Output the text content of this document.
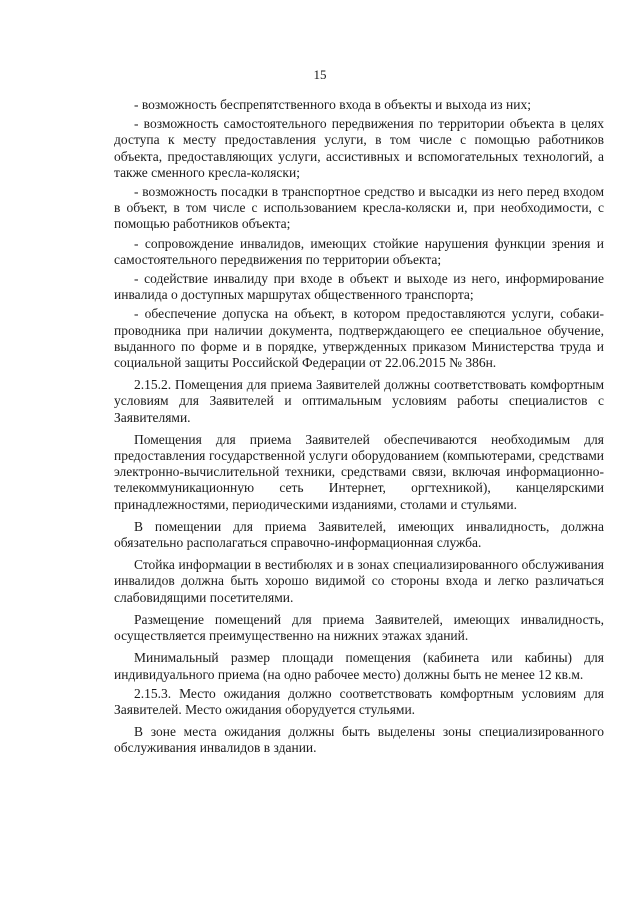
15

- возможность беспрепятственного входа в объекты и выхода из них;

- возможность самостоятельного передвижения по территории объекта в целях доступа к месту предоставления услуги, в том числе с помощью работников объекта, предоставляющих услуги, ассистивных и вспомогательных технологий, а также сменного кресла-коляски;

- возможность посадки в транспортное средство и высадки из него перед входом в объект, в том числе с использованием кресла-коляски и, при необходимости, с помощью работников объекта;

- сопровождение инвалидов, имеющих стойкие нарушения функции зрения и самостоятельного передвижения по территории объекта;

- содействие инвалиду при входе в объект и выходе из него, информирование инвалида о доступных маршрутах общественного транспорта;

- обеспечение допуска на объект, в котором предоставляются услуги, собаки-проводника при наличии документа, подтверждающего ее специальное обучение, выданного по форме и в порядке, утвержденных приказом Министерства труда и социальной защиты Российской Федерации от 22.06.2015 № 386н.

2.15.2. Помещения для приема Заявителей должны соответствовать комфортным условиям для Заявителей и оптимальным условиям работы специалистов с Заявителями.

Помещения для приема Заявителей обеспечиваются необходимым для предоставления государственной услуги оборудованием (компьютерами, средствами электронно-вычислительной техники, средствами связи, включая информационно-телекоммуникационную сеть Интернет, оргтехникой), канцелярскими принадлежностями, периодическими изданиями, столами и стульями.

В помещении для приема Заявителей, имеющих инвалидность, должна обязательно располагаться справочно-информационная служба.

Стойка информации в вестибюлях и в зонах специализированного обслуживания инвалидов должна быть хорошо видимой со стороны входа и легко различаться слабовидящими посетителями.

Размещение помещений для приема Заявителей, имеющих инвалидность, осуществляется преимущественно на нижних этажах зданий.

Минимальный размер площади помещения (кабинета или кабины) для индивидуального приема (на одно рабочее место) должны быть не менее 12 кв.м.

2.15.3. Место ожидания должно соответствовать комфортным условиям для Заявителей. Место ожидания оборудуется стульями.

В зоне места ожидания должны быть выделены зоны специализированного обслуживания инвалидов в здании.
